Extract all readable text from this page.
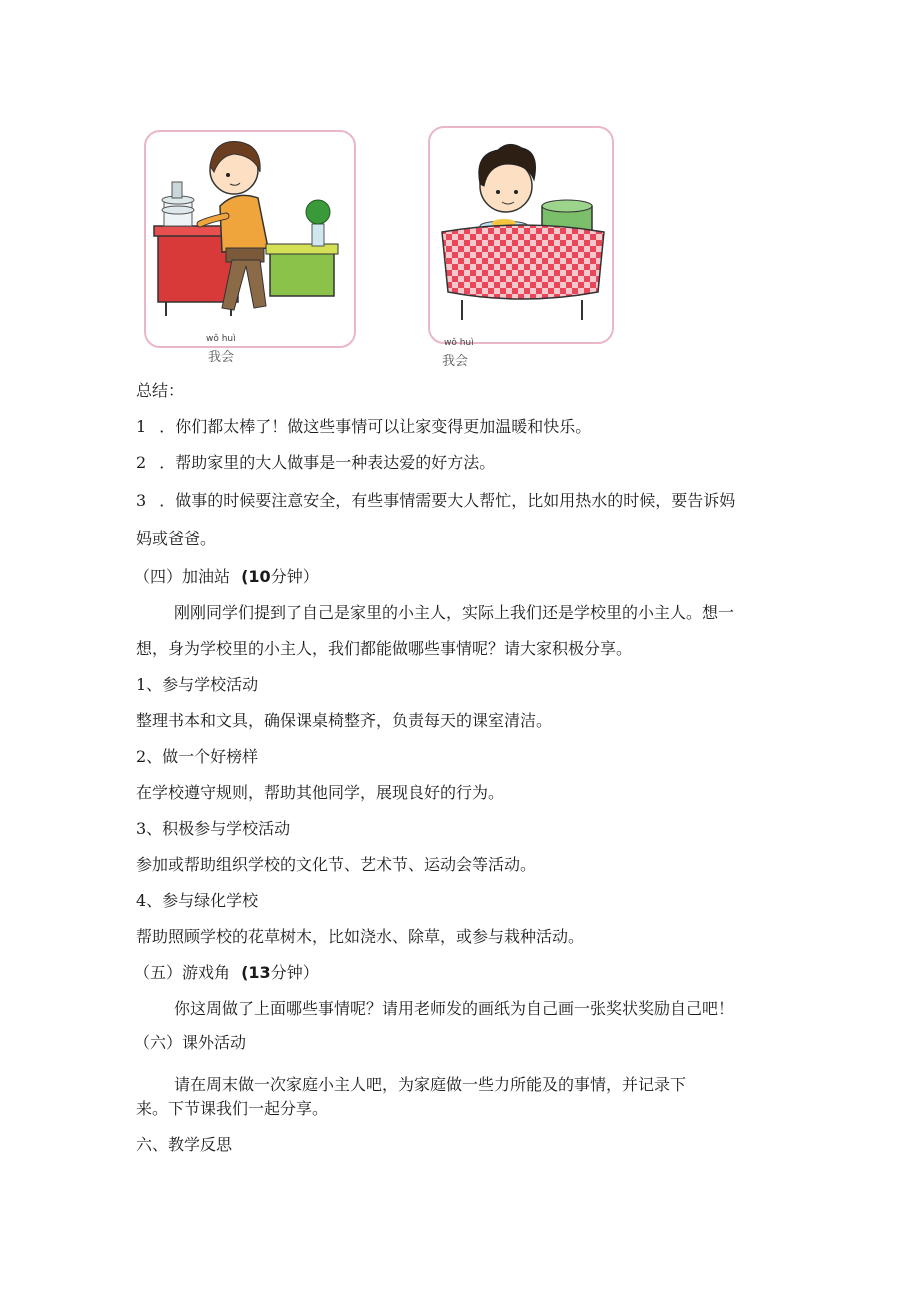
wǒ huì
我会
wǒ huì
我会
总结：
1 ．你们都太棒了！做这些事情可以让家变得更加温暖和快乐。
2 ．帮助家里的大人做事是一种表达爱的好方法。
3 ．做事的时候要注意安全，有些事情需要大人帮忙，比如用热水的时候，要告诉妈
妈或爸爸。
（四）加油站 (10分钟）
刚刚同学们提到了自己是家里的小主人，实际上我们还是学校里的小主人。想一
想，身为学校里的小主人，我们都能做哪些事情呢？请大家积极分享。
1、参与学校活动
整理书本和文具，确保课桌椅整齐，负责每天的课室清洁。
2、做一个好榜样
在学校遵守规则，帮助其他同学，展现良好的行为。
3、积极参与学校活动
参加或帮助组织学校的文化节、艺术节、运动会等活动。
4、参与绿化学校
帮助照顾学校的花草树木，比如浇水、除草，或参与栽种活动。
（五）游戏角 (13分钟）
你这周做了上面哪些事情呢？请用老师发的画纸为自己画一张奖状奖励自己吧！
（六）课外活动
请在周末做一次家庭小主人吧，为家庭做一些力所能及的事情，并记录下
来。下节课我们一起分享。
六、教学反思
